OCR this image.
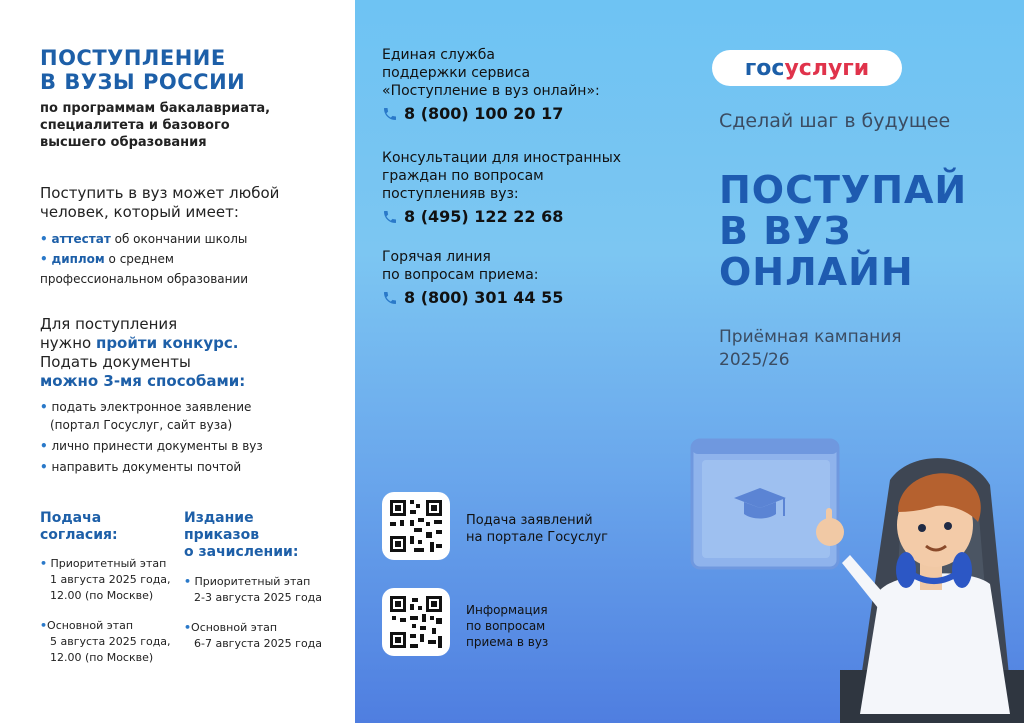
ПОСТУПЛЕНИЕ
В ВУЗЫ РОССИИ
по программам бакалавриата,
специалитета и базового
высшего образования
Поступить в вуз может любой
человек, который имеет:
• аттестат об окончании школы
• диплом о среднем
профессиональном образовании
Для поступления
нужно пройти конкурс.
Подать документы
можно 3-мя способами:
• подать электронное заявление
(портал Госуслуг, сайт вуза)
• лично принести документы в вуз
• направить документы почтой
Подача
согласия:
• Приоритетный этап
1 августа 2025 года,
12.00 (по Москве)
•Основной этап
5 августа 2025 года,
12.00 (по Москве)
Издание
приказов
о зачислении:
• Приоритетный этап
2-3 августа 2025 года
•Основной этап
6-7 августа 2025 года
Единая служба
поддержки сервиса
«Поступление в вуз онлайн»:
8 (800) 100 20 17
Консультации для иностранных
граждан по вопросам
поступленияв вуз:
8 (495) 122 22 68
Горячая линия
по вопросам приема:
8 (800) 301 44 55
Подача заявлений
на портале Госуслуг
Информация
по вопросам
приема в вуз
гос услуги
Сделай шаг в будущее
ПОСТУПАЙ
В ВУЗ
ОНЛАЙН
Приёмная кампания
2025/26
